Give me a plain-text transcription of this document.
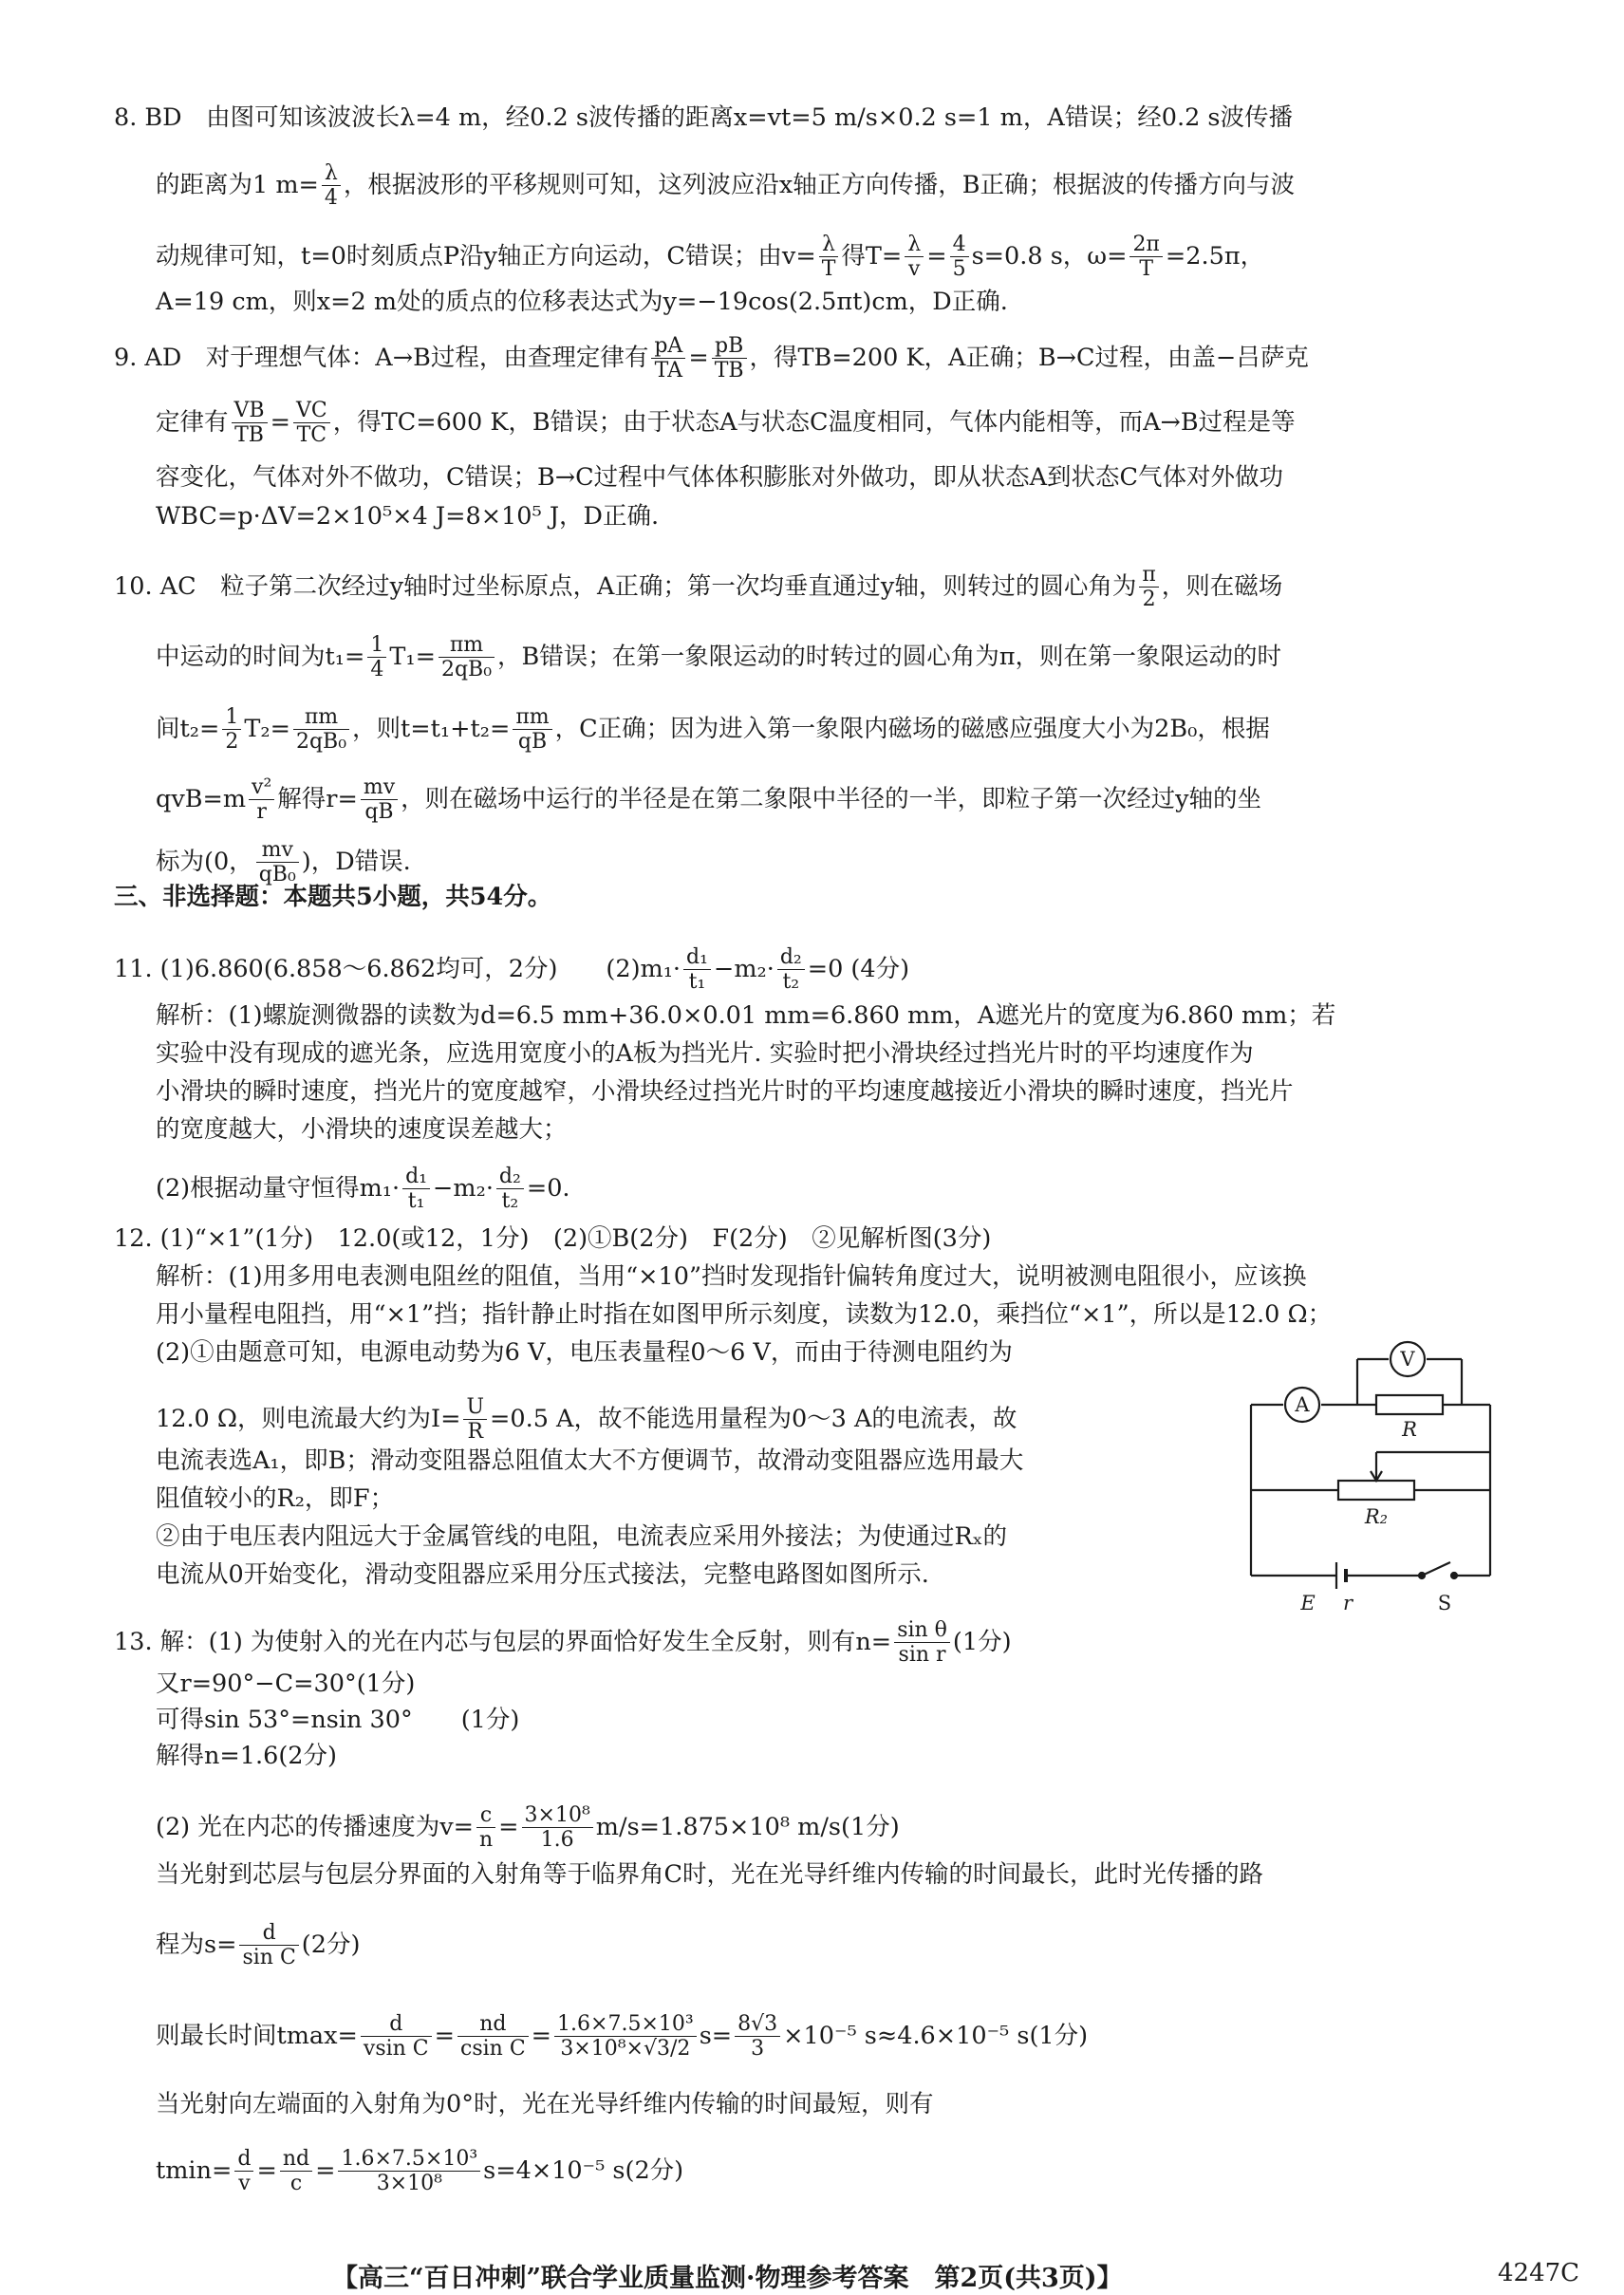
8. BD　由图可知该波波长λ=4 m，经0.2 s波传播的距离x=vt=5 m/s×0.2 s=1 m，A错误；经0.2 s波传播
的距离为1 $m= \frac{\lambda}{4}$ ，根据波形的平移规则可知，这列波应沿x轴正方向传播，B正确；根据波的传播方向与波
动规律可知，t=0时刻质点P沿y轴正方向运动，C错误；由$v= \frac{\lambda}{T}$ 得$T= \frac{\lambda}{v} = \frac{4}{5} s=0.8$ s，$\omega= \frac{2\pi}{T} =2.5\pi$，
A=19 cm，则x=2 m处的质点的位移表达式为y=−19cos(2.5πt)cm，D正确.
9. AD　对于理想气体：A→B过程，由查理定律有 $\frac{pA}{TA} = \frac{pB}{TB}$ ，得TB=200 K，A正确；B→C过程，由盖−吕萨克
定律有 $\frac{VB}{TB} = \frac{VC}{TC}$ ，得TC=600 K，B错误；由于状态A与状态C温度相同，气体内能相等，而A→B过程是等
容变化，气体对外不做功，C错误；B→C过程中气体体积膨胀对外做功，即从状态A到状态C气体对外做功
WBC=p·ΔV=2×10⁵×4 J=8×10⁵ J，D正确.
10. AC　粒子第二次经过y轴时过坐标原点，A正确；第一次均垂直通过y轴，则转过的圆心角为 $\frac{\pi}{2}$ ，则在磁场
中运动的时间为$t_1= \frac{1}{4} T_1= \frac{\pi m}{\text{2qB₀}}$ ，B错误；在第一象限运动的时转过的圆心角为π，则在第一象限运动的时
间$t_2= \frac{1}{2} T_2= \frac{\pi m}{\text{2qB₀}}$ ，则$t=t_1+t_2= \frac{\pi m}{qB}$ ，C正确；因为进入第一象限内磁场的磁感应强度大小为2B₀，根据
$qvB=m \frac{\text{v²}}{r}$ 解得$r= \frac{mv}{qB}$ ，则在磁场中运行的半径是在第二象限中半径的一半，即粒子第一次经过y轴的坐
标为(0， $\frac{mv}{\text{qB₀}}$ )，D错误.
三、非选择题：本题共5小题，共54分。
11. (1)6.860(6.858～6.862均可，2分)　　$(2)m_1\cdot \frac{\text{d₁}}{\text{t₁}} -m_2\cdot \frac{\text{d₂}}{\text{t₂}} =0$ (4分)
解析：(1)螺旋测微器的读数为d=6.5 mm+36.0×0.01 mm=6.860 mm，A遮光片的宽度为6.860 mm；若
实验中没有现成的遮光条，应选用宽度小的A板为挡光片. 实验时把小滑块经过挡光片时的平均速度作为
小滑块的瞬时速度，挡光片的宽度越窄，小滑块经过挡光片时的平均速度越接近小滑块的瞬时速度，挡光片
的宽度越大，小滑块的速度误差越大；
(2)根据动量守恒得$m_1\cdot \frac{\text{d₁}}{\text{t₁}} -m_2\cdot \frac{\text{d₂}}{\text{t₂}} =0$.
12. (1)“×1”(1分)　12.0(或12，1分)　(2)①B(2分)　F(2分)　②见解析图(3分)
解析：(1)用多用电表测电阻丝的阻值，当用“×10”挡时发现指针偏转角度过大，说明被测电阻很小，应该换
用小量程电阻挡，用“×1”挡；指针静止时指在如图甲所示刻度，读数为12.0，乘挡位“×1”，所以是12.0 Ω；
(2)①由题意可知，电源电动势为6 V，电压表量程0～6 V，而由于待测电阻约为
12.0 Ω，则电流最大约为$I= \frac{U}{R} =0.5$ A，故不能选用量程为0～3 A的电流表，故
电流表选A₁，即B；滑动变阻器总阻值太大不方便调节，故滑动变阻器应选用最大
阻值较小的R₂，即F；
②由于电压表内阻远大于金属管线的电阻，电流表应采用外接法；为使通过Rₓ的
电流从0开始变化，滑动变阻器应采用分压式接法，完整电路图如图所示.
A
V
R
R₂
E r	S
13. 解：(1) 为使射入的光在内芯与包层的界面恰好发生全反射，则有$n= \frac{\text{sin θ}}{\text{sin r}} (1$分)
又r=90°−C=30°(1分)
可得sin 53°=nsin 30°　　(1分)
解得n=1.6(2分)
(2) 光在内芯的传播速度为$v= \frac{c}{n} = \frac{\text{3×10⁸}}{1.6} m/s=1.875\times 10^8$ m/s(1分)
当光射到芯层与包层分界面的入射角等于临界角C时，光在光导纤维内传输的时间最长，此时光传播的路
程为$s= \frac{d}{\text{sin C}} (2$分)
则最长时间$tmax= \frac{d}{\text{vsin C}} = \frac{nd}{\text{csin C}} = \frac{\text{1.6×7.5×10³}}{\text{3×10⁸×√3/2}} s= \frac{8√3}{3} \times 10^{-5}$ s≈4.6×10⁻⁵ s(1分)
当光射向左端面的入射角为0°时，光在光导纤维内传输的时间最短，则有
$tmin= \frac{d}{v} = \frac{nd}{c} = \frac{\text{1.6×7.5×10³}}{\text{3×10⁸}} s=4\times 10^{-5}$ s(2分)
【高三“百日冲刺”联合学业质量监测·物理参考答案　第2页(共3页)】	4247C
